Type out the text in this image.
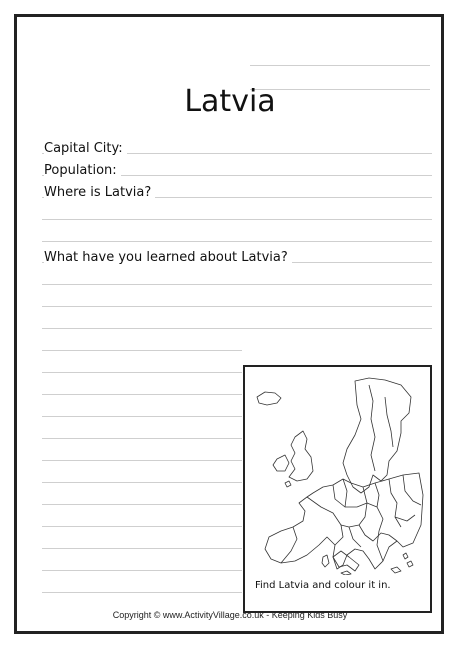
Latvia
Capital City:
Population:
Where is Latvia?
What have you learned about Latvia?
Find Latvia and colour it in.
Copyright © www.ActivityVillage.co.uk - Keeping Kids Busy
